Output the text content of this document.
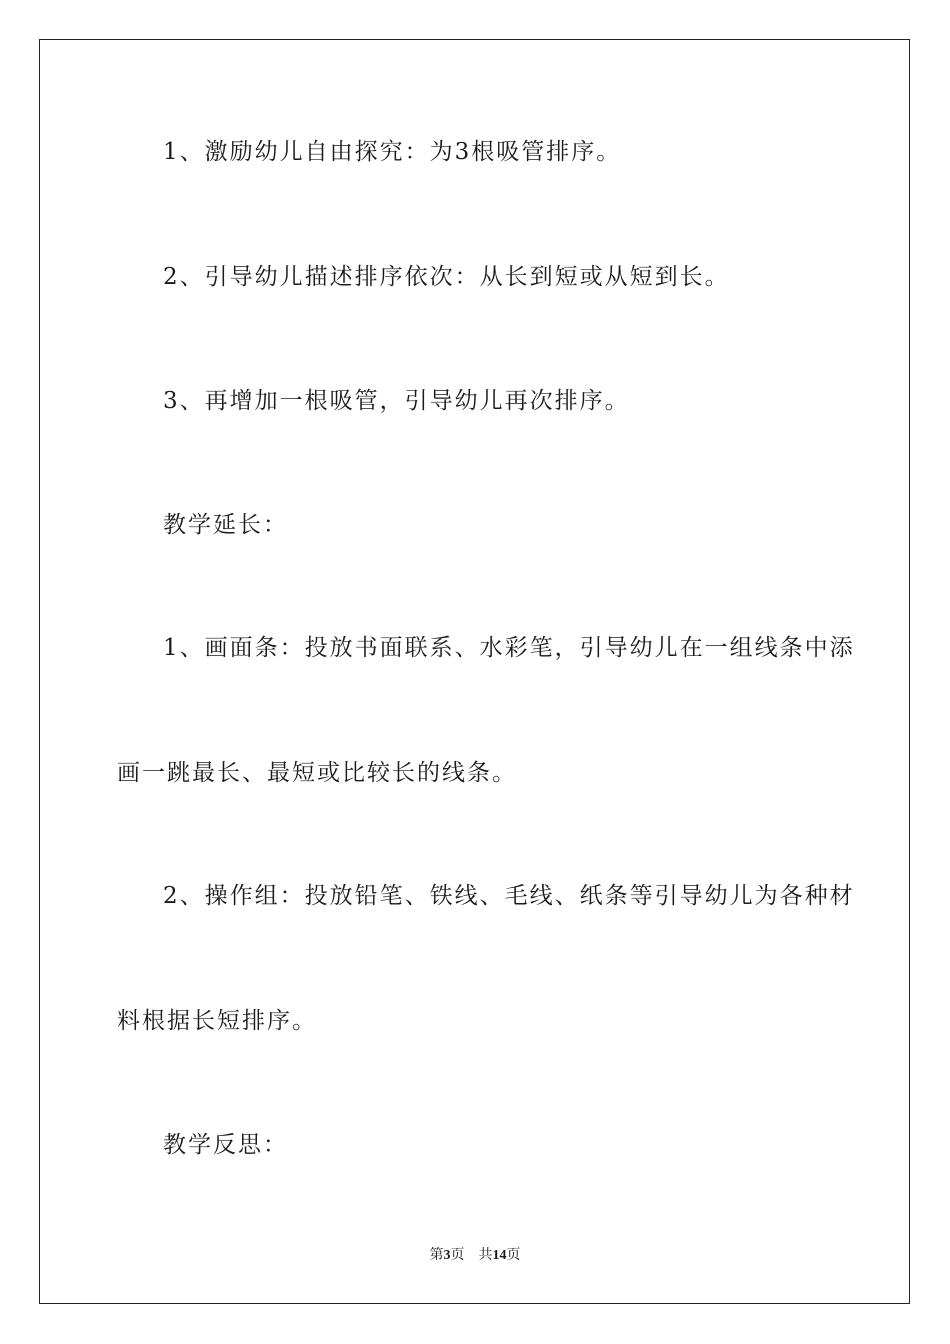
1、激励幼儿自由探究：为3根吸管排序。
2、引导幼儿描述排序依次：从长到短或从短到长。
3、再增加一根吸管，引导幼儿再次排序。
教学延长：
1、画面条：投放书面联系、水彩笔，引导幼儿在一组线条中添
画一跳最长、最短或比较长的线条。
2、操作组：投放铅笔、铁线、毛线、纸条等引导幼儿为各种材
料根据长短排序。
教学反思：
第3页 共14页
